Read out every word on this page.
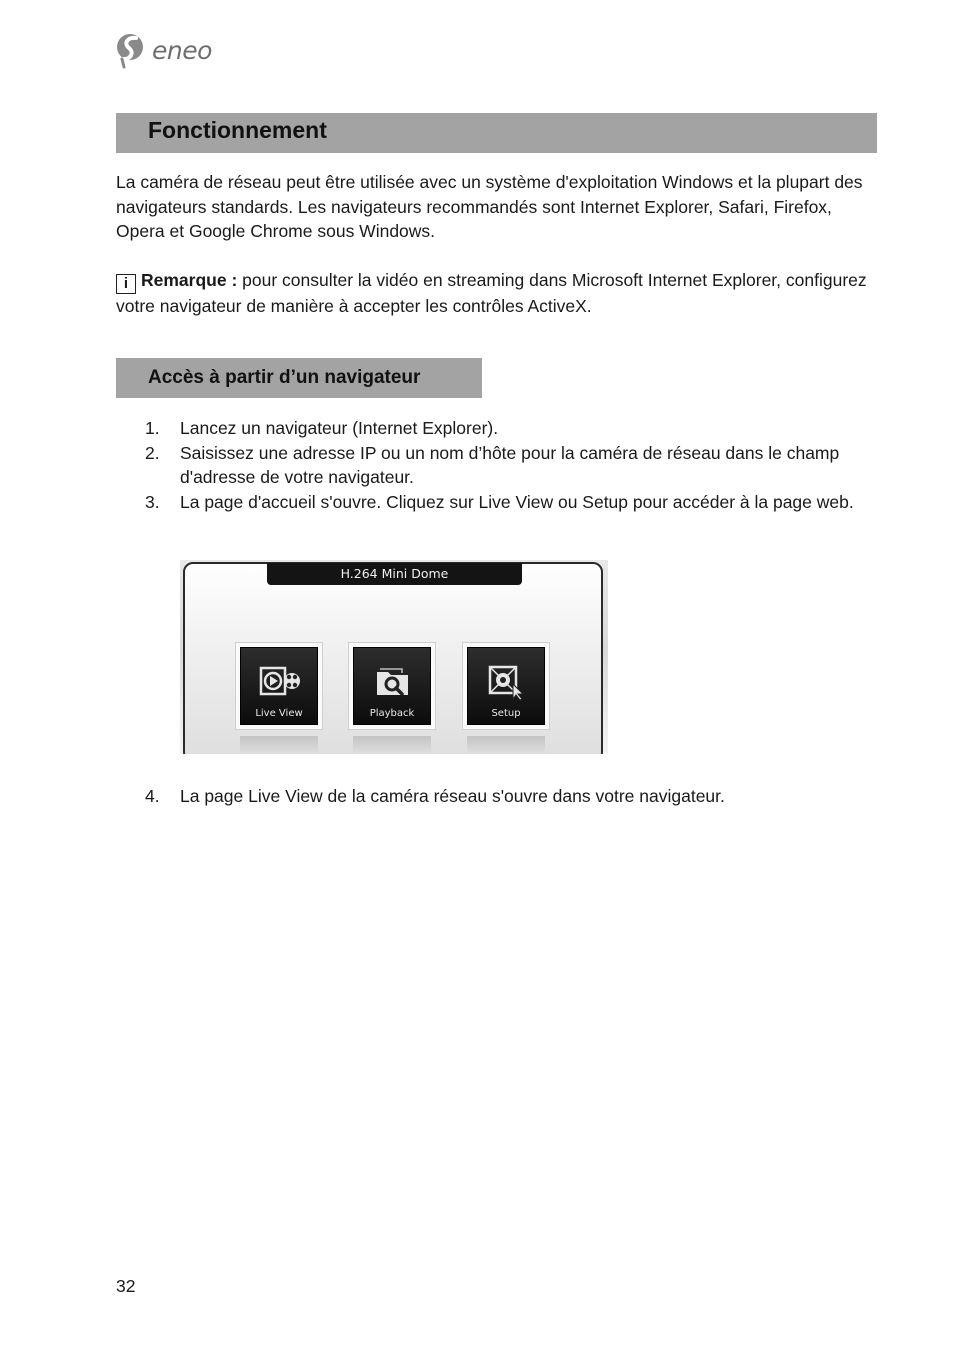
eneo
Fonctionnement

La caméra de réseau peut être utilisée avec un système d'exploitation Windows et la plupart des navigateurs standards. Les navigateurs recommandés sont Internet Explorer, Safari, Firefox, Opera et Google Chrome sous Windows.

i Remarque : pour consulter la vidéo en streaming dans Microsoft Internet Explorer, configurez votre navigateur de manière à accepter les contrôles ActiveX.

Accès à partir d’un navigateur
1.	Lancez un navigateur (Internet Explorer).
2.	Saisissez une adresse IP ou un nom d’hôte pour la caméra de réseau dans le champ d'adresse de votre navigateur.
3.	La page d'accueil s'ouvre. Cliquez sur Live View ou Setup pour accéder à la page web.
H.264 Mini Dome
Live View	Playback	Setup
4.	La page Live View de la caméra réseau s'ouvre dans votre navigateur.
32
